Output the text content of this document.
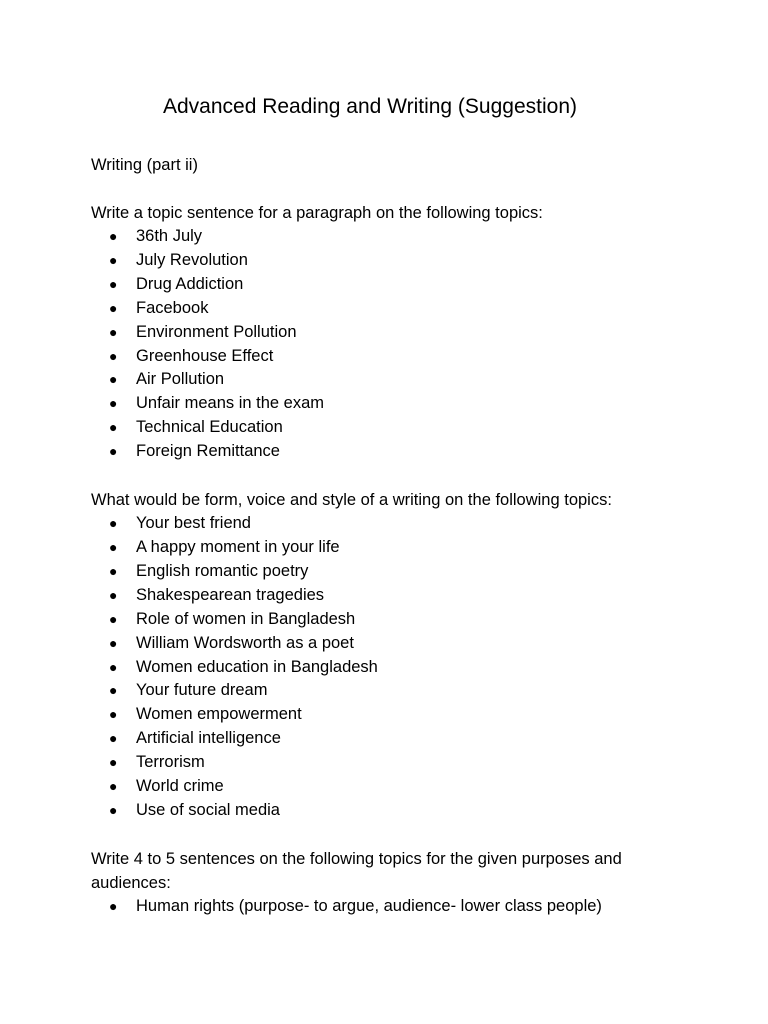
Advanced Reading and Writing (Suggestion)

Writing (part ii)

Write a topic sentence for a paragraph on the following topics:

● 36th July
● July Revolution
● Drug Addiction
● Facebook
● Environment Pollution
● Greenhouse Effect
● Air Pollution
● Unfair means in the exam
● Technical Education
● Foreign Remittance

What would be form, voice and style of a writing on the following topics:

● Your best friend
● A happy moment in your life
● English romantic poetry
● Shakespearean tragedies
● Role of women in Bangladesh
● William Wordsworth as a poet
● Women education in Bangladesh
● Your future dream
● Women empowerment
● Artificial intelligence
● Terrorism
● World crime
● Use of social media

Write 4 to 5 sentences on the following topics for the given purposes and audiences:

● Human rights (purpose- to argue, audience- lower class people)
